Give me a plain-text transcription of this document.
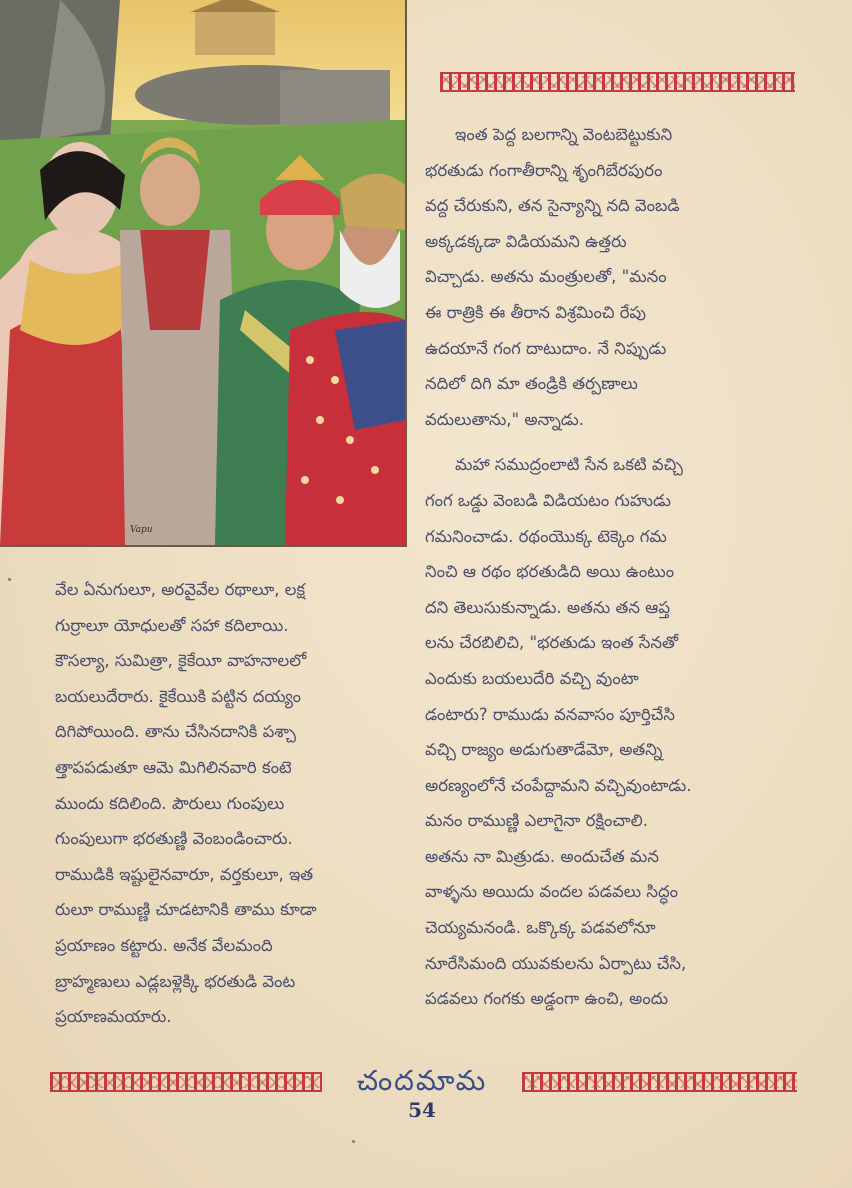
Vapu
ఇంత పెద్ద బలగాన్ని వెంటబెట్టుకుని
భరతుడు గంగాతీరాన్ని శృంగిబేరపురం
వద్ద చేరుకుని, తన సైన్యాన్ని నది వెంబడి
అక్కడక్కడా విడియమని ఉత్తరు
విచ్చాడు. అతను మంత్రులతో, "మనం
ఈ రాత్రికి ఈ తీరాన విశ్రమించి రేపు
ఉదయానే గంగ దాటుదాం. నే నిప్పుడు
నదిలో దిగి మా తండ్రికి తర్పణాలు
వదులుతాను," అన్నాడు.
మహా సముద్రంలాటి సేన ఒకటి వచ్చి
గంగ ఒడ్డు వెంబడి విడియటం గుహుడు
గమనించాడు. రథంయొక్క టెక్కెం గమ
నించి ఆ రథం భరతుడిది అయి ఉంటుం
దని తెలుసుకున్నాడు. అతను తన ఆప్త
లను చేరబిలిచి, "భరతుడు ఇంత సేనతో
ఎందుకు బయలుదేరి వచ్చి వుంటా
డంటారు? రాముడు వనవాసం పూర్తిచేసి
వచ్చి రాజ్యం అడుగుతాడేమో, అతన్ని
అరణ్యంలోనే చంపేద్దామని వచ్చివుంటాడు.
మనం రాముణ్ణి ఎలాగైనా రక్షించాలి.
అతను నా మిత్రుడు. అందుచేత మన
వాళ్ళను అయిదు వందల పడవలు సిద్ధం
చెయ్యమనండి. ఒక్కొక్క పడవలోనూ
నూరేసిమంది యువకులను ఏర్పాటు చేసి,
పడవలు గంగకు అడ్డంగా ఉంచి, అందు
వేల ఏనుగులూ, అరవైవేల రథాలూ, లక్ష
గుర్రాలూ యోధులతో సహా కదిలాయి.
కౌసల్యా, సుమిత్రా, కైకేయీ వాహనాలలో
బయలుదేరారు. కైకేయికి పట్టిన దయ్యం
దిగిపోయింది. తాను చేసినదానికి పశ్చా
త్తాపపడుతూ ఆమె మిగిలినవారి కంటె
ముందు కదిలింది. పౌరులు గుంపులు
గుంపులుగా భరతుణ్ణి వెంబండించారు.
రాముడికి ఇష్టులైనవారూ, వర్తకులూ, ఇత
రులూ రాముణ్ణి చూడటానికి తాము కూడా
ప్రయాణం కట్టారు. అనేక వేలమంది
బ్రాహ్మణులు ఎడ్లబళ్లెక్కి భరతుడి వెంట
ప్రయాణమయారు.
చందమామ
54
